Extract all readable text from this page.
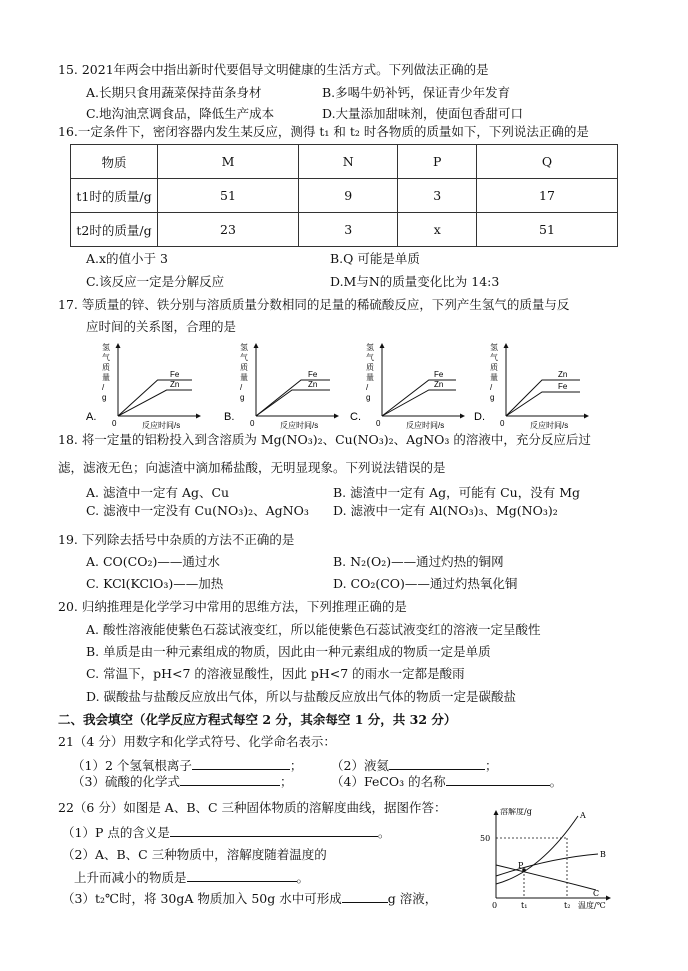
15. 2021年两会中指出新时代要倡导文明健康的生活方式。下列做法正确的是
A.长期只食用蔬菜保持苗条身材	B.多喝牛奶补钙，保证青少年发育
C.地沟油烹调食品，降低生产成本	D.大量添加甜味剂，使面包香甜可口
16.一定条件下，密闭容器内发生某反应，测得 t₁ 和 t₂ 时各物质的质量如下，下列说法正确的是
物质	M	N	P	Q
t1时的质量/g	51	9	3	17
t2时的质量/g	23	3	x	51
A.x的值小于 3	B.Q 可能是单质
C.该反应一定是分解反应	D.M与N的质量变化比为 14:3
17. 等质量的锌、铁分别与溶质质量分数相同的足量的稀硫酸反应，下列产生氢气的质量与反
应时间的关系图，合理的是
A.
氢
气
质
量
/
g
0	反应时间/s
Fe
Zn
B.
氢
气
质
量
/
g
0	反应时间/s
Fe
Zn
C.
氢
气
质
量
/
g
0	反应时间/s
Fe
Zn
D.
氢
气
质
量
/
g
0	反应时间/s
Zn
Fe
18. 将一定量的铝粉投入到含溶质为 Mg(NO₃)₂、Cu(NO₃)₂、AgNO₃ 的溶液中，充分反应后过
滤，滤液无色；向滤渣中滴加稀盐酸，无明显现象。下列说法错误的是
A. 滤渣中一定有 Ag、Cu	B. 滤渣中一定有 Ag，可能有 Cu，没有 Mg
C. 滤液中一定没有 Cu(NO₃)₂、AgNO₃ D. 滤液中一定有 Al(NO₃)₃、Mg(NO₃)₂
19. 下列除去括号中杂质的方法不正确的是
A. CO(CO₂)——通过水	B. N₂(O₂)——通过灼热的铜网
C. KCl(KClO₃)——加热	D. CO₂(CO)——通过灼热氧化铜
20. 归纳推理是化学学习中常用的思维方法，下列推理正确的是
A. 酸性溶液能使紫色石蕊试液变红，所以能使紫色石蕊试液变红的溶液一定呈酸性
B. 单质是由一种元素组成的物质，因此由一种元素组成的物质一定是单质
C. 常温下，pH<7 的溶液显酸性，因此 pH<7 的雨水一定都是酸雨
D. 碳酸盐与盐酸反应放出气体，所以与盐酸反应放出气体的物质一定是碳酸盐
二、我会填空（化学反应方程式每空 2 分，其余每空 1 分，共 32 分）
21（4 分）用数字和化学式符号、化学命名表示：
（1）2 个氢氧根离子	； （2）液氦	；
（3）硫酸的化学式	；	（4）FeCO₃ 的名称	。
22（6 分）如图是 A、B、C 三种固体物质的溶解度曲线，据图作答：
（1）P 点的含义是	。
（2）A、B、C 三种物质中，溶解度随着温度的
上升而减小的物质是	。
（3）t₂℃时，将 30gA 物质加入 50g 水中可形成	g 溶液，
溶解度/g
50
P
A
B
C
0	t₁	t₂ 温度/℃
